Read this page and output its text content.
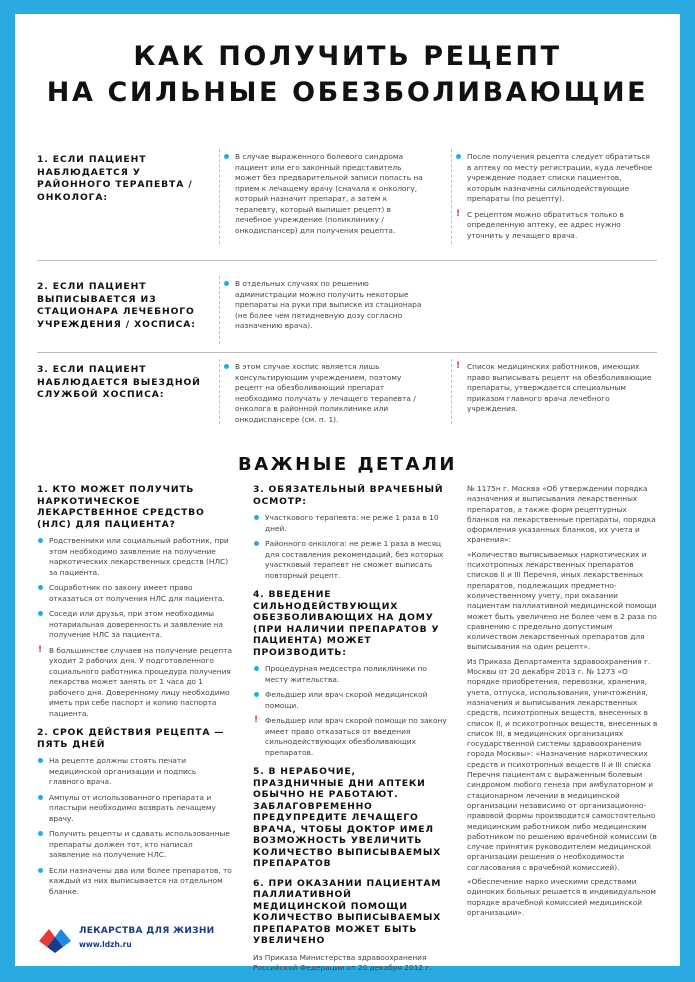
КАК ПОЛУЧИТЬ РЕЦЕПТ
НА СИЛЬНЫЕ ОБЕЗБОЛИВАЮЩИЕ
1. ЕСЛИ ПАЦИЕНТ НАБЛЮДАЕТСЯ У РАЙОННОГО ТЕРАПЕВТА / ОНКОЛОГА:
В случае выраженного болевого синдрома пациент или его законный представитель может без предварительной записи попасть на прием к лечащему врачу (сначала к онкологу, который назначит препарат, а затем к терапевту, который выпишет рецепт) в лечебное учреждение (поликлинику / онкодиспансер) для получения рецепта.
После получения рецепта следует обратиться в аптеку по месту регистрации, куда лечебное учреждение подает списки пациентов, которым назначены сильнодействующие препараты (по рецепту).
! С рецептом можно обратиться только в определенную аптеку, ее адрес нужно уточнить у лечащего врача.
2. ЕСЛИ ПАЦИЕНТ ВЫПИСЫВАЕТСЯ ИЗ СТАЦИОНАРА ЛЕЧЕБНОГО УЧРЕЖДЕНИЯ / ХОСПИСА:
В отдельных случаях по решению администрации можно получить некоторые препараты на руки при выписке из стационара (не более чем пятидневную дозу согласно назначению врача).
3. ЕСЛИ ПАЦИЕНТ НАБЛЮДАЕТСЯ ВЫЕЗДНОЙ СЛУЖБОЙ ХОСПИСА:
В этом случае хоспис является лишь консультирующим учреждением, поэтому рецепт на обезболивающий препарат необходимо получать у лечащего терапевта / онколога в районной поликлинике или онкодиспансере (см. п. 1).
! Список медицинских работников, имеющих право выписывать рецепт на обезболивающие препараты, утверждается специальным приказом главного врача лечебного учреждения.
ВАЖНЫЕ ДЕТАЛИ
1. КТО МОЖЕТ ПОЛУЧИТЬ НАРКОТИЧЕСКОЕ ЛЕКАРСТВЕННОЕ СРЕДСТВО (НЛС) ДЛЯ ПАЦИЕНТА?
Родственники или социальный работник, при этом необходимо заявление на получение наркотических лекарственных средств (НЛС) за пациента.
Соцработник по закону имеет право отказаться от получения НЛС для пациента.
Соседи или друзья, при этом необходимы нотариальная доверенность и заявление на получение НЛС за пациента.
! В большинстве случаев на получение рецепта уходит 2 рабочих дня. У подготовленного социального работника процедура получения лекарства может занять от 1 часа до 1 рабочего дня. Доверенному лицу необходимо иметь при себе паспорт и копию паспорта пациента.
2. СРОК ДЕЙСТВИЯ РЕЦЕПТА — ПЯТЬ ДНЕЙ
На рецепте должны стоять печати медицинской организации и подпись главного врача.
Ампулы от использованного препарата и пластыри необходимо возврать лечащему врачу.
Получить рецепты и сдавать использованные препараты должен тот, кто написал заявление на получение НЛС.
Если назначены два или более препаратов, то каждый из них выписывается на отдельном бланке.
3. ОБЯЗАТЕЛЬНЫЙ ВРАЧЕБНЫЙ ОСМОТР:
Участкового терапевта: не реже 1 раза в 10 дней.
Районного онколога: не реже 1 раза в месяц для составления рекомендаций, без которых участковый терапевт не сможет выписать повторный рецепт.
4. ВВЕДЕНИЕ СИЛЬНОДЕЙСТВУЮЩИХ ОБЕЗБОЛИВАЮЩИХ НА ДОМУ (ПРИ НАЛИЧИИ ПРЕПАРАТОВ У ПАЦИЕНТА) МОЖЕТ ПРОИЗВОДИТЬ:
Процедурная медсестра поликлиники по месту жительства.
Фельдшер или врач скорой медицинской помощи.
! Фельдшер или врач скорой помощи по закону имеет право отказаться от введения сильнодействующих обезболивающих препаратов.
5. В НЕРАБОЧИЕ, ПРАЗДНИЧНЫЕ ДНИ АПТЕКИ ОБЫЧНО НЕ РАБОТАЮТ. ЗАБЛАГОВРЕМЕННО ПРЕДУПРЕДИТЕ ЛЕЧАЩЕГО ВРАЧА, ЧТОБЫ ДОКТОР ИМЕЛ ВОЗМОЖНОСТЬ УВЕЛИЧИТЬ КОЛИЧЕСТВО ВЫПИСЫВАЕМЫХ ПРЕПАРАТОВ
6. ПРИ ОКАЗАНИИ ПАЦИЕНТАМ ПАЛЛИАТИВНОЙ МЕДИЦИНСКОЙ ПОМОЩИ КОЛИЧЕСТВО ВЫПИСЫВАЕМЫХ ПРЕПАРАТОВ МОЖЕТ БЫТЬ УВЕЛИЧЕНО
Из Приказа Министерства здравоохранения Российской Федерации от 20 декабря 2012 г.

№ 1175н г. Москва «Об утверждении порядка назначения и выписывания лекарственных препаратов, а также форм рецептурных бланков на лекарственные препараты, порядка оформления указанных бланков, их учета и хранения»:

«Количество выписываемых наркотических и психотропных лекарственных препаратов списков II и III Перечня, иных лекарственных препаратов, подлежащих предметно-количественному учету, при оказании пациентам паллиативной медицинской помощи может быть увеличено не более чем в 2 раза по сравнению с предельно допустимым количеством лекарственных препаратов для выписывания на один рецепт».

Из Приказа Департамента здравоохранения г. Москвы от 20 декабря 2013 г. № 1273 «О порядке приобретения, перевозки, хранения, учета, отпуска, использования, уничтожения, назначения и выписывания лекарственных средств, психотропных веществ, внесенных в список II, и психотропных веществ, внесенных в список III, в медицинских организациях государственной системы здравоохранения города Москвы»: «Назначение наркотических средств и психотропных веществ II и III списка Перечня пациентам с выраженным болевым синдромом любого генеза при амбулаторном и стационарном лечении в медицинской организации независимо от организационно-правовой формы производится самостоятельно медицинским работником либо медицинским работником по решению врачебной комиссии (в случае принятия руководителем медицинской организации решения о необходимости согласования с врачебной комиссией).

«Обеспечение нарко ическими средствами одиноких больных решается в индивидуальном порядке врачебной комиссией медицинской организации».

ЛЕКАРСТВА ДЛЯ ЖИЗНИ
www.ldzh.ru
